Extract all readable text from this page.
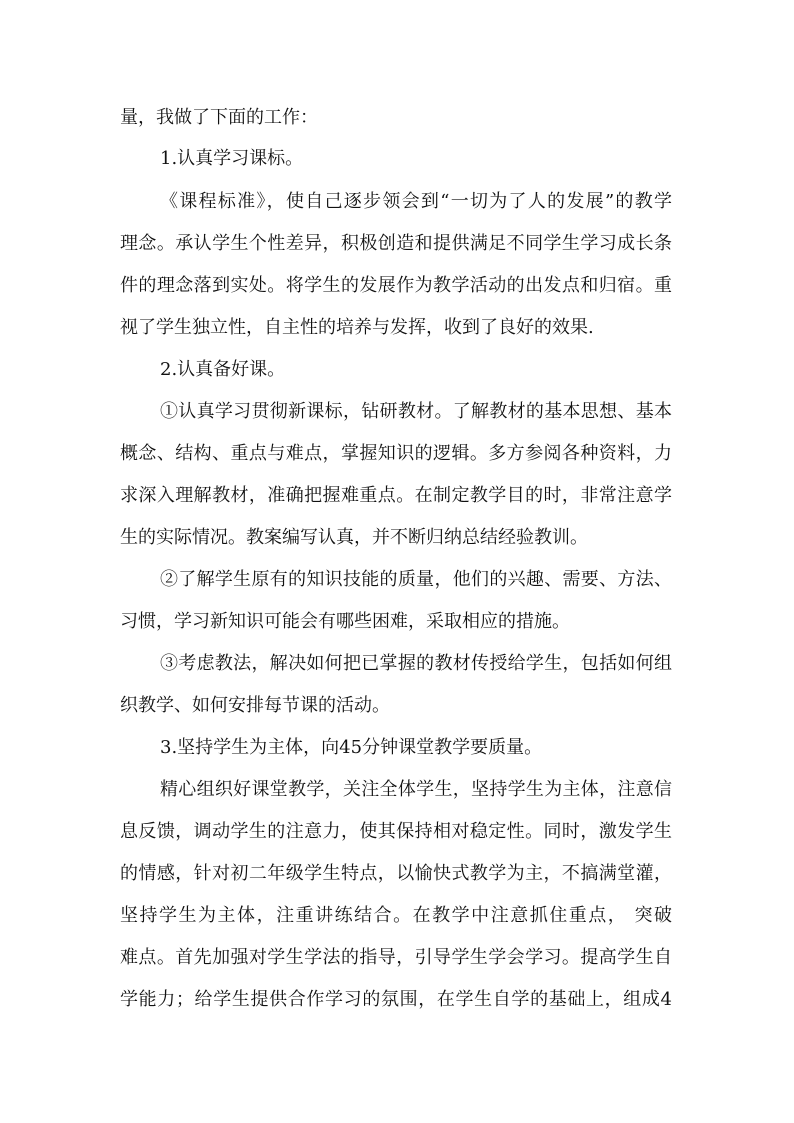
量，我做了下面的工作：
1.认真学习课标。
《课程标准》，使自己逐步领会到“一切为了人的发展”的教学
理念。承认学生个性差异，积极创造和提供满足不同学生学习成长条
件的理念落到实处。将学生的发展作为教学活动的出发点和归宿。重
视了学生独立性，自主性的培养与发挥，收到了良好的效果.
2.认真备好课。
①认真学习贯彻新课标，钻研教材。了解教材的基本思想、基本
概念、结构、重点与难点，掌握知识的逻辑。多方参阅各种资料，力
求深入理解教材，准确把握难重点。在制定教学目的时，非常注意学
生的实际情况。教案编写认真，并不断归纳总结经验教训。
②了解学生原有的知识技能的质量，他们的兴趣、需要、方法、
习惯，学习新知识可能会有哪些困难，采取相应的措施。
③考虑教法，解决如何把已掌握的教材传授给学生，包括如何组
织教学、如何安排每节课的活动。
3.坚持学生为主体，向45分钟课堂教学要质量。
精心组织好课堂教学，关注全体学生，坚持学生为主体，注意信
息反馈，调动学生的注意力，使其保持相对稳定性。同时，激发学生
的情感，针对初二年级学生特点，以愉快式教学为主，不搞满堂灌，
坚持学生为主体，注重讲练结合。在教学中注意抓住重点， 突破
难点。首先加强对学生学法的指导，引导学生学会学习。提高学生自
学能力；给学生提供合作学习的氛围，在学生自学的基础上，组成4
